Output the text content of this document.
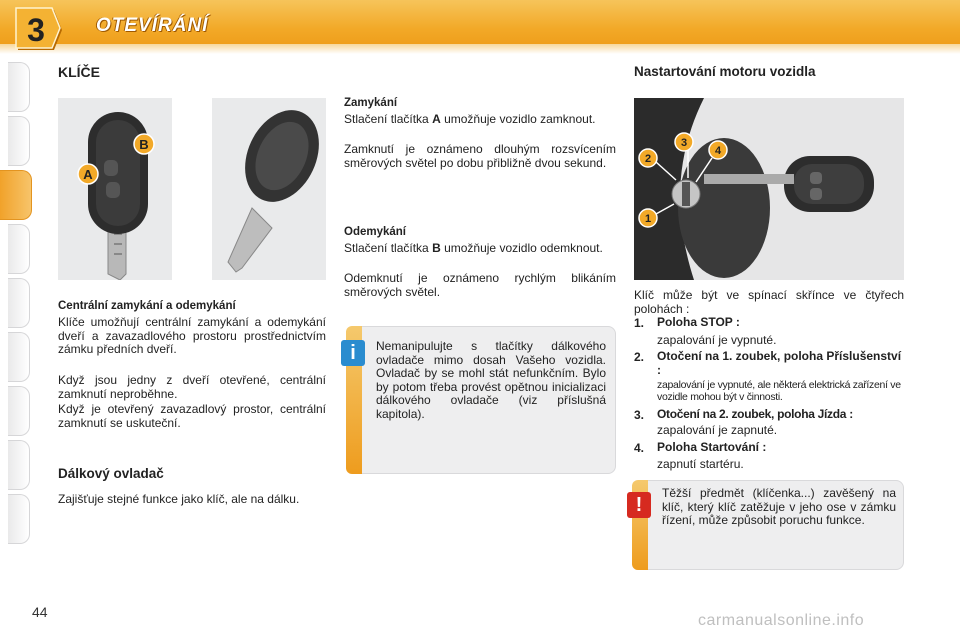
3	OTEVÍRÁNÍ
KLÍČE
B
A
Centrální zamykání a odemykání
Klíče umožňují centrální zamykání a odemykání dveří a zavazadlového prostoru prostřednictvím zámku předních dveří.
Když jsou jedny z dveří otevřené, centrální zamknutí neproběhne.
Když je otevřený zavazadlový prostor, centrální zamknutí se uskuteční.
Dálkový ovladač
Zajišťuje stejné funkce jako klíč, ale na dálku.
Zamykání
Stlačení tlačítka A umožňuje vozidlo zamknout.
Zamknutí je oznámeno dlouhým rozsvícením směrových světel po dobu přibližně dvou sekund.
Odemykání
Stlačení tlačítka B umožňuje vozidlo odemknout.
Odemknutí je oznámeno rychlým blikáním směrových světel.
i	Nemanipulujte s tlačítky dálkového ovladače mimo dosah Vašeho vozidla. Ovladač by se mohl stát nefunkčním. Bylo by potom třeba provést opětnou inicializaci dálkového ovladače (viz příslušná kapitola).
Nastartování motoru vozidla
2
3
4
1
Klíč může být ve spínací skřínce ve čtyřech polohách :
1. Poloha STOP :
zapalování je vypnuté.
2. Otočení na 1. zoubek, poloha Příslušenství :
zapalování je vypnuté, ale některá elektrická zařízení ve vozidle mohou být v činnosti.
3. Otočení na 2. zoubek, poloha Jízda :
zapalování je zapnuté.
4. Poloha Startování :
zapnutí startéru.
!
Těžší předmět (klíčenka...) zavěšený na klíč, který klíč zatěžuje v jeho ose v zámku řízení, může způsobit poruchu funkce.
44	carmanualsonline.info
